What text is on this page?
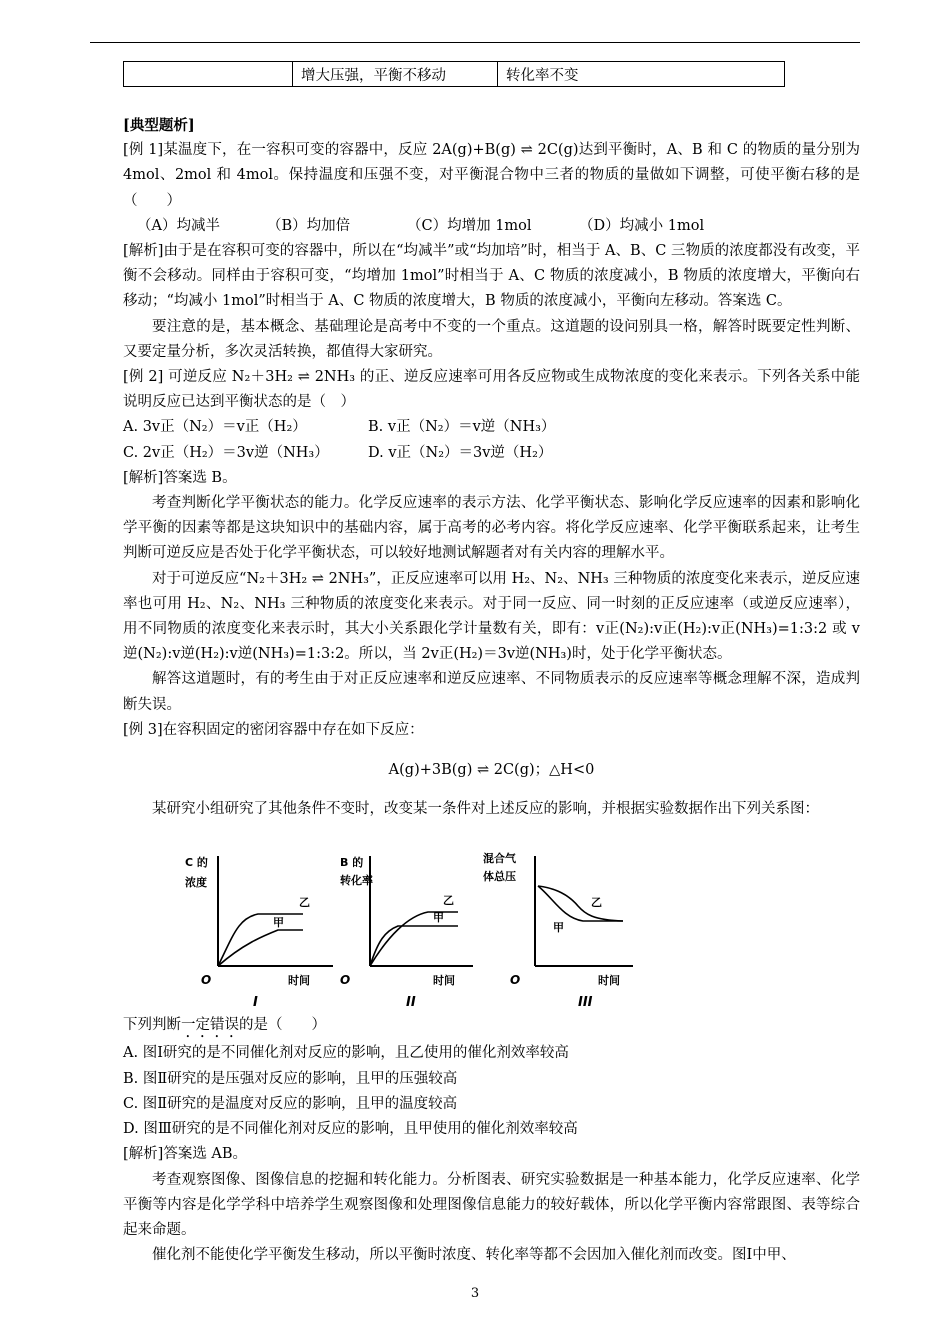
	增大压强，平衡不移动	转化率不变

[典型题析]

[例 1]某温度下，在一容积可变的容器中，反应 2A(g)+B(g) ⇌ 2C(g)达到平衡时，A、B 和 C 的物质的量分别为 4mol、2mol 和 4mol。保持温度和压强不变，对平衡混合物中三者的物质的量做如下调整，可使平衡右移的是（　　）

（A）均减半	（B）均加倍	（C）均增加 1mol	（D）均减小 1mol

[解析]由于是在容积可变的容器中，所以在“均减半”或“均加培”时，相当于 A、B、C 三物质的浓度都没有改变，平衡不会移动。同样由于容积可变，“均增加 1mol”时相当于 A、C 物质的浓度减小，B 物质的浓度增大，平衡向右移动；“均减小 1mol”时相当于 A、C 物质的浓度增大，B 物质的浓度减小，平衡向左移动。答案选 C。

要注意的是，基本概念、基础理论是高考中不变的一个重点。这道题的设问别具一格，解答时既要定性判断、又要定量分析，多次灵活转换，都值得大家研究。

[例 2] 可逆反应 N₂＋3H₂ ⇌ 2NH₃ 的正、逆反应速率可用各反应物或生成物浓度的变化来表示。下列各关系中能说明反应已达到平衡状态的是（　）

A. 3v正（N₂）＝v正（H₂）	B. v正（N₂）＝v逆（NH₃）
C. 2v正（H₂）＝3v逆（NH₃）	D. v正（N₂）＝3v逆（H₂）

[解析]答案选 B。

考查判断化学平衡状态的能力。化学反应速率的表示方法、化学平衡状态、影响化学反应速率的因素和影响化学平衡的因素等都是这块知识中的基础内容，属于高考的必考内容。将化学反应速率、化学平衡联系起来，让考生判断可逆反应是否处于化学平衡状态，可以较好地测试解题者对有关内容的理解水平。

对于可逆反应“N₂＋3H₂ ⇌ 2NH₃”，正反应速率可以用 H₂、N₂、NH₃ 三种物质的浓度变化来表示，逆反应速率也可用 H₂、N₂、NH₃ 三种物质的浓度变化来表示。对于同一反应、同一时刻的正反应速率（或逆反应速率），用不同物质的浓度变化来表示时，其大小关系跟化学计量数有关，即有：v正(N₂):v正(H₂):v正(NH₃)=1:3:2 或 v逆(N₂):v逆(H₂):v逆(NH₃)=1:3:2。所以，当 2v正(H₂)＝3v逆(NH₃)时，处于化学平衡状态。

解答这道题时，有的考生由于对正反应速率和逆反应速率、不同物质表示的反应速率等概念理解不深，造成判断失误。

[例 3]在容积固定的密闭容器中存在如下反应：

A(g)+3B(g) ⇌ 2C(g)；△H<0

某研究小组研究了其他条件不变时，改变某一条件对上述反应的影响，并根据实验数据作出下列关系图：

C 的
浓度
O	时间
乙
甲
I
B 的
转化率
O	时间
乙
甲
II
混合气
体总压
O	时间
乙
甲
III

下列判断一定错误的是（　　）

A. 图Ⅰ研究的是不同催化剂对反应的影响，且乙使用的催化剂效率较高

B. 图Ⅱ研究的是压强对反应的影响，且甲的压强较高

C. 图Ⅱ研究的是温度对反应的影响，且甲的温度较高

D. 图Ⅲ研究的是不同催化剂对反应的影响，且甲使用的催化剂效率较高

[解析]答案选 AB。

考查观察图像、图像信息的挖掘和转化能力。分析图表、研究实验数据是一种基本能力，化学反应速率、化学平衡等内容是化学学科中培养学生观察图像和处理图像信息能力的较好载体，所以化学平衡内容常跟图、表等综合起来命题。

催化剂不能使化学平衡发生移动，所以平衡时浓度、转化率等都不会因加入催化剂而改变。图Ⅰ中甲、

3
